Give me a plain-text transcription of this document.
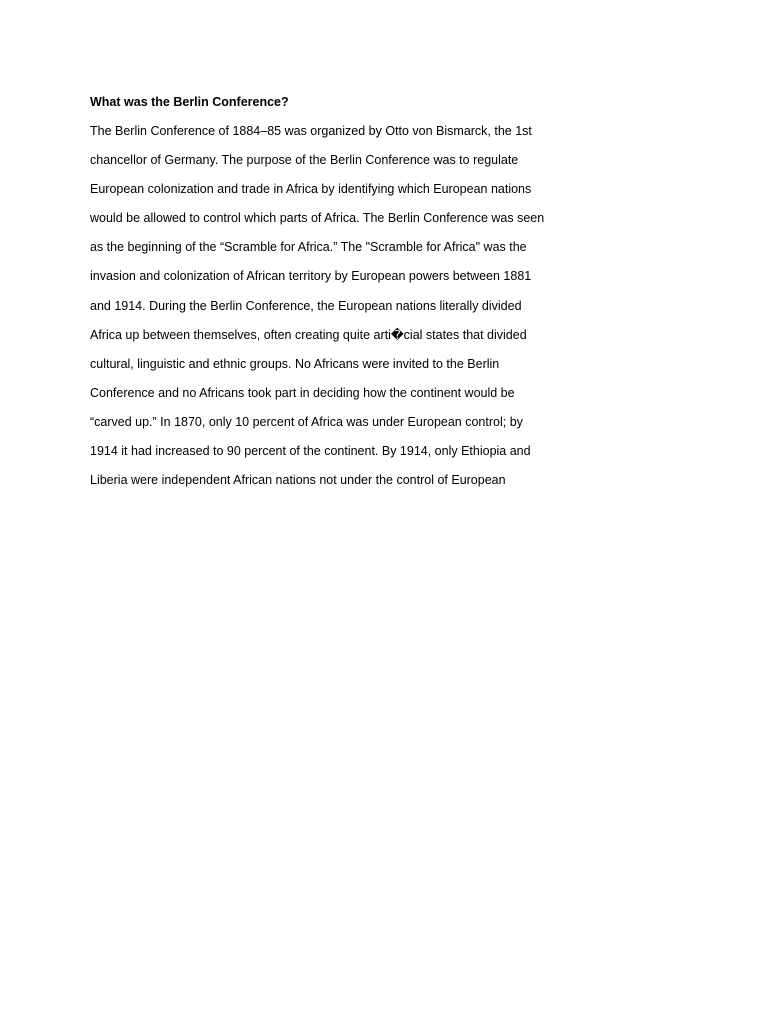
What was the Berlin Conference?
The Berlin Conference of 1884–85 was organized by Otto von Bismarck, the 1st
chancellor of Germany. The purpose of the Berlin Conference was to regulate
European colonization and trade in Africa by identifying which European nations
would be allowed to control which parts of Africa. The Berlin Conference was seen
as the beginning of the “Scramble for Africa.” The "Scramble for Africa" was the
invasion and colonization of African territory by European powers between 1881
and 1914. During the Berlin Conference, the European nations literally divided
Africa up between themselves, often creating quite arti�cial states that divided
cultural, linguistic and ethnic groups. No Africans were invited to the Berlin
Conference and no Africans took part in deciding how the continent would be
“carved up.” In 1870, only 10 percent of Africa was under European control; by
1914 it had increased to 90 percent of the continent. By 1914, only Ethiopia and
Liberia were independent African nations not under the control of European
